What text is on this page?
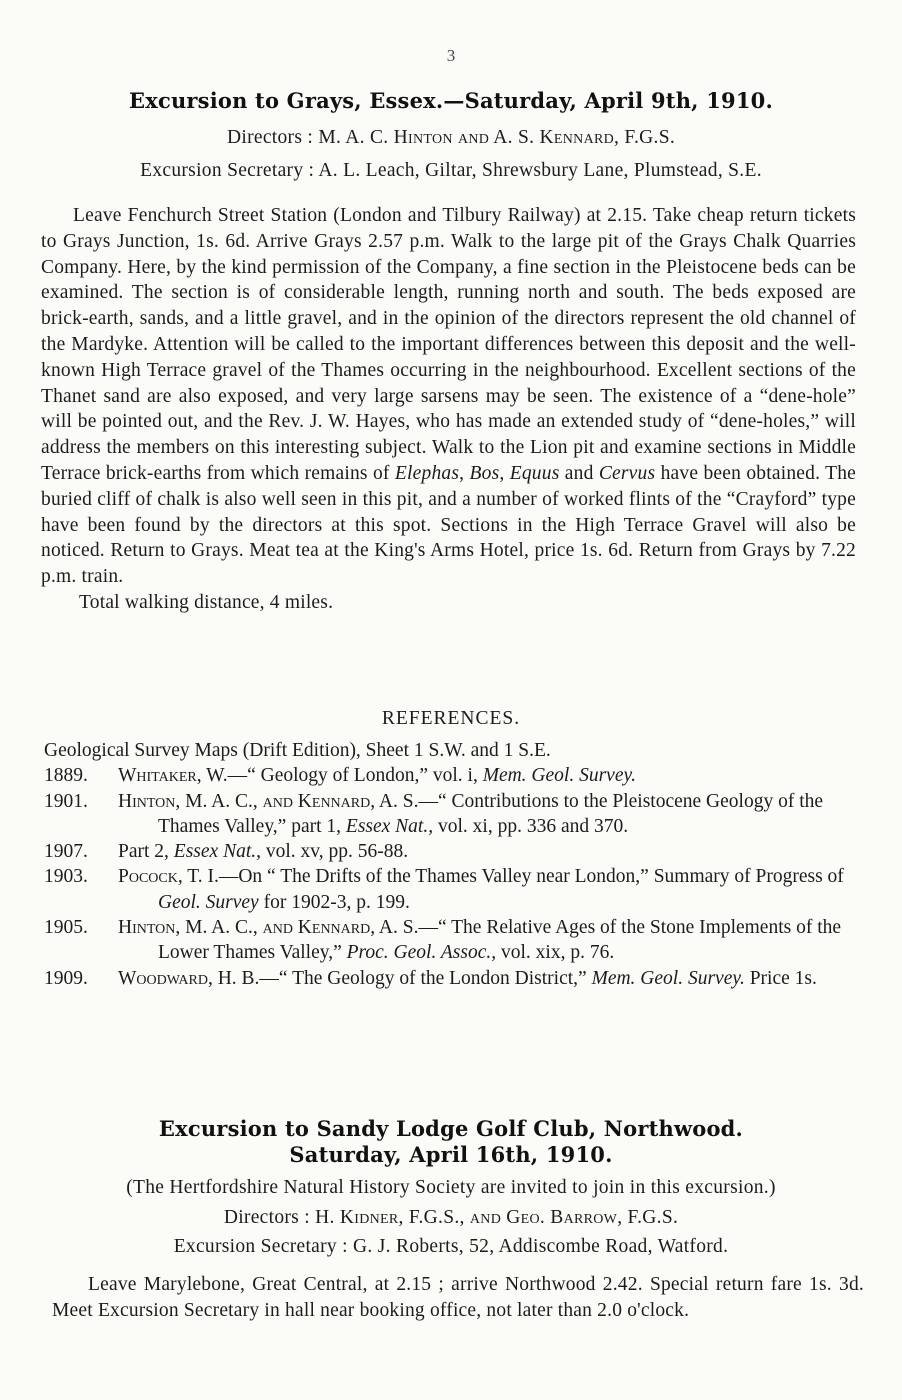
3
Excursion to Grays, Essex.—Saturday, April 9th, 1910.
Directors : M. A. C. Hinton and A. S. Kennard, F.G.S.
Excursion Secretary : A. L. Leach, Giltar, Shrewsbury Lane, Plumstead, S.E.

Leave Fenchurch Street Station (London and Tilbury Railway) at 2.15. Take cheap return tickets to Grays Junction, 1s. 6d. Arrive Grays 2.57 p.m. Walk to the large pit of the Grays Chalk Quarries Company. Here, by the kind permission of the Company, a fine section in the Pleistocene beds can be examined. The section is of considerable length, running north and south. The beds exposed are brick-earth, sands, and a little gravel, and in the opinion of the directors represent the old channel of the Mardyke. Attention will be called to the important differences between this deposit and the well-known High Terrace gravel of the Thames occurring in the neighbourhood. Excellent sections of the Thanet sand are also exposed, and very large sarsens may be seen. The existence of a “dene-hole” will be pointed out, and the Rev. J. W. Hayes, who has made an extended study of “dene-holes,” will address the members on this interesting subject. Walk to the Lion pit and examine sections in Middle Terrace brick-earths from which remains of Elephas, Bos, Equus and Cervus have been obtained. The buried cliff of chalk is also well seen in this pit, and a number of worked flints of the “Crayford” type have been found by the directors at this spot. Sections in the High Terrace Gravel will also be noticed. Return to Grays. Meat tea at the King's Arms Hotel, price 1s. 6d. Return from Grays by 7.22 p.m. train.

Total walking distance, 4 miles.

REFERENCES.
Geological Survey Maps (Drift Edition), Sheet 1 S.W. and 1 S.E.
1889. Whitaker, W.—“ Geology of London,” vol. i, Mem. Geol. Survey.
1901. Hinton, M. A. C., and Kennard, A. S.—“ Contributions to the Pleistocene Geology of the Thames Valley,” part 1, Essex Nat., vol. xi, pp. 336 and 370.
1907. Part 2, Essex Nat., vol. xv, pp. 56-88.
1903. Pocock, T. I.—On “ The Drifts of the Thames Valley near London,” Summary of Progress of Geol. Survey for 1902-3, p. 199.
1905. Hinton, M. A. C., and Kennard, A. S.—“ The Relative Ages of the Stone Implements of the Lower Thames Valley,” Proc. Geol. Assoc., vol. xix, p. 76.
1909. Woodward, H. B.—“ The Geology of the London District,” Mem. Geol. Survey. Price 1s.
Excursion to Sandy Lodge Golf Club, Northwood.
Saturday, April 16th, 1910.
(The Hertfordshire Natural History Society are invited to join in this excursion.)
Directors : H. Kidner, F.G.S., and Geo. Barrow, F.G.S.
Excursion Secretary : G. J. Roberts, 52, Addiscombe Road, Watford.

Leave Marylebone, Great Central, at 2.15 ; arrive Northwood 2.42. Special return fare 1s. 3d. Meet Excursion Secretary in hall near booking office, not later than 2.0 o'clock.
